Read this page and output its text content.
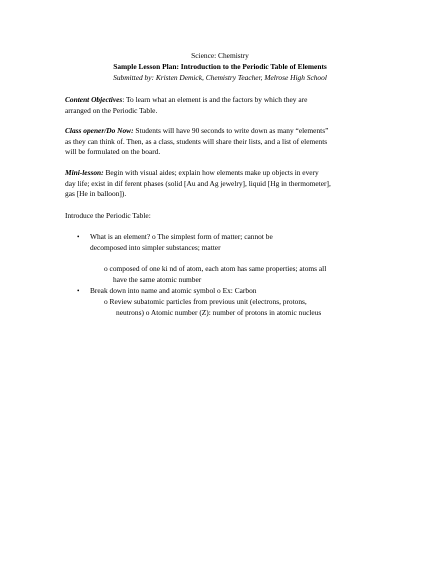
Science: Chemistry
Sample Lesson Plan: Introduction to the Periodic Table of Elements
Submitted by: Kristen Demick, Chemistry Teacher, Melrose High School
Content Objectives: To learn what an element is and the factors by which they are
arranged on the Periodic Table.
Class opener/Do Now: Students will have 90 seconds to write down as many “elements”
as they can think of. Then, as a class, students will share their lists, and a list of elements
will be formulated on the board.
Mini-lesson: Begin with visual aides; explain how elements make up objects in every
day life; exist in dif ferent phases (solid [Au and Ag jewelry], liquid [Hg in thermometer],
gas [He in balloon]).
Introduce the Periodic Table:
• What is an element? o The simplest form of matter; cannot be
decomposed into simpler substances; matter
o composed of one ki nd of atom, each atom has same properties; atoms all
have the same atomic number
• Break down into name and atomic symbol o Ex: Carbon
o Review subatomic particles from previous unit (electrons, protons,
neutrons) o Atomic number (Z): number of protons in atomic nucleus
